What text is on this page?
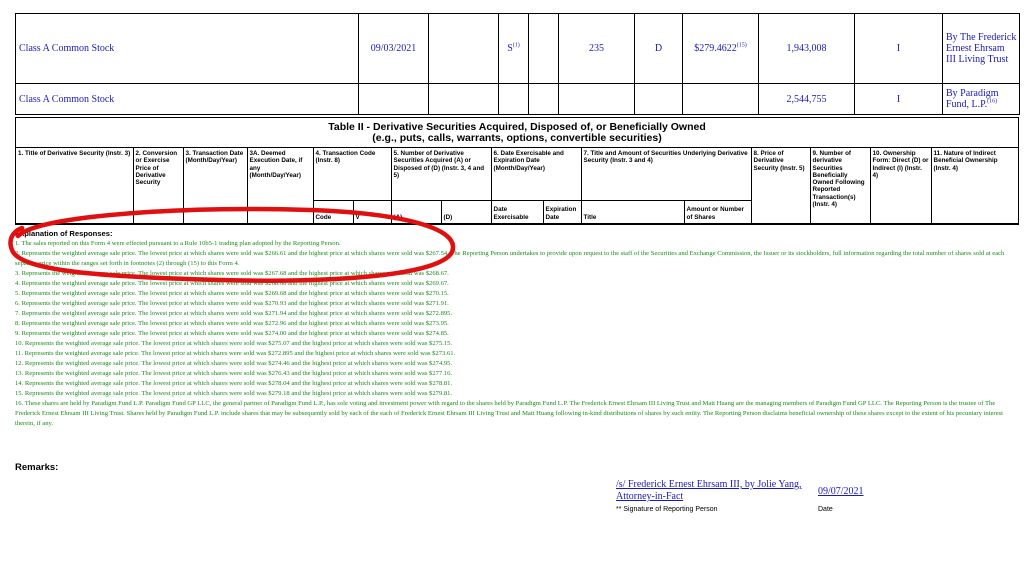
Class A Common Stock	09/03/2021		$S^{(1)}$		235	D	$279.4622$^{(15)}$	1,943,008	I	By The Frederick Ernest Ehrsam III Living Trust
Class A Common Stock								2,544,755	I	By Paradigm Fund, L.P.$^{(16)}$
Table II - Derivative Securities Acquired, Disposed of, or Beneficially Owned
(e.g., puts, calls, warrants, options, convertible securities)
1. Title of Derivative Security (Instr. 3)	2. Conversion or Exercise Price of Derivative Security	3. Transaction Date (Month/Day/Year)	3A. Deemed Execution Date, if any (Month/Day/Year)	4. Transaction Code (Instr. 8)		5. Number of Derivative Securities Acquired (A) or Disposed of (D) (Instr. 3, 4 and 5)		6. Date Exercisable and Expiration Date (Month/Day/Year)		7. Title and Amount of Securities Underlying Derivative Security (Instr. 3 and 4)		8. Price of Derivative Security (Instr. 5)	9. Number of derivative Securities Beneficially Owned Following Reported Transaction(s) (Instr. 4)	10. Ownership Form: Direct (D) or Indirect (I) (Instr. 4)	11. Nature of Indirect Beneficial Ownership (Instr. 4)
				Code	V	(A)	(D)	Date Exercisable	Expiration Date	Title	Amount or Number of Shares				
Explanation of Responses:
1. The sales reported on this Form 4 were effected pursuant to a Rule 10b5-1 trading plan adopted by the Reporting Person.
2. Represents the weighted average sale price. The lowest price at which shares were sold was $266.61 and the highest price at which shares were sold was $267.54. The Reporting Person undertakes to provide upon request to the staff of the Securities and Exchange Commission, the Issuer or its stockholders, full information regarding the total number of shares sold at each separate price within the ranges set forth in footnotes (2) through (15) to this Form 4.
3. Represents the weighted average sale price. The lowest price at which shares were sold was $267.68 and the highest price at which shares were sold was $268.67.
4. Represents the weighted average sale price. The lowest price at which shares were sold was $268.68 and the highest price at which shares were sold was $269.67.
5. Represents the weighted average sale price. The lowest price at which shares were sold was $269.68 and the highest price at which shares were sold was $270.15.
6. Represents the weighted average sale price. The lowest price at which shares were sold was $270.93 and the highest price at which shares were sold was $271.91.
7. Represents the weighted average sale price. The lowest price at which shares were sold was $271.94 and the highest price at which shares were sold was $272.895.
8. Represents the weighted average sale price. The lowest price at which shares were sold was $272.96 and the highest price at which shares were sold was $273.95.
9. Represents the weighted average sale price. The lowest price at which shares were sold was $274.00 and the highest price at which shares were sold was $274.85.
10. Represents the weighted average sale price. The lowest price at which shares were sold was $275.07 and the highest price at which shares were sold was $275.15.
11. Represents the weighted average sale price. The lowest price at which shares were sold was $272.895 and the highest price at which shares were sold was $273.61.
12. Represents the weighted average sale price. The lowest price at which shares were sold was $274.46 and the highest price at which shares were sold was $274.95.
13. Represents the weighted average sale price. The lowest price at which shares were sold was $276.43 and the highest price at which shares were sold was $277.16.
14. Represents the weighted average sale price. The lowest price at which shares were sold was $278.04 and the highest price at which shares were sold was $278.81.
15. Represents the weighted average sale price. The lowest price at which shares were sold was $279.18 and the highest price at which shares were sold was $279.81.
16. These shares are held by Paradigm Fund L.P. Paradigm Fund GP LLC, the general partner of Paradigm Fund L.P., has sole voting and investment power with regard to the shares held by Paradigm Fund L.P. The Frederick Ernest Ehrsam III Living Trust and Matt Huang are the managing members of Paradigm Fund GP LLC. The Reporting Person is the trustee of The Frederick Ernest Ehrsam III Living Trust. Shares held by Paradigm Fund L.P. include shares that may be subsequently sold by each of the each of Frederick Ernest Ehrsam III Living Trust and Matt Huang following in-kind distributions of shares by such entity. The Reporting Person disclaims beneficial ownership of these shares except to the extent of his pecuniary interest therein, if any.
Remarks:
/s/ Frederick Ernest Ehrsam III, by Jolie Yang, Attorney-in-Fact	09/07/2021
** Signature of Reporting Person	Date
